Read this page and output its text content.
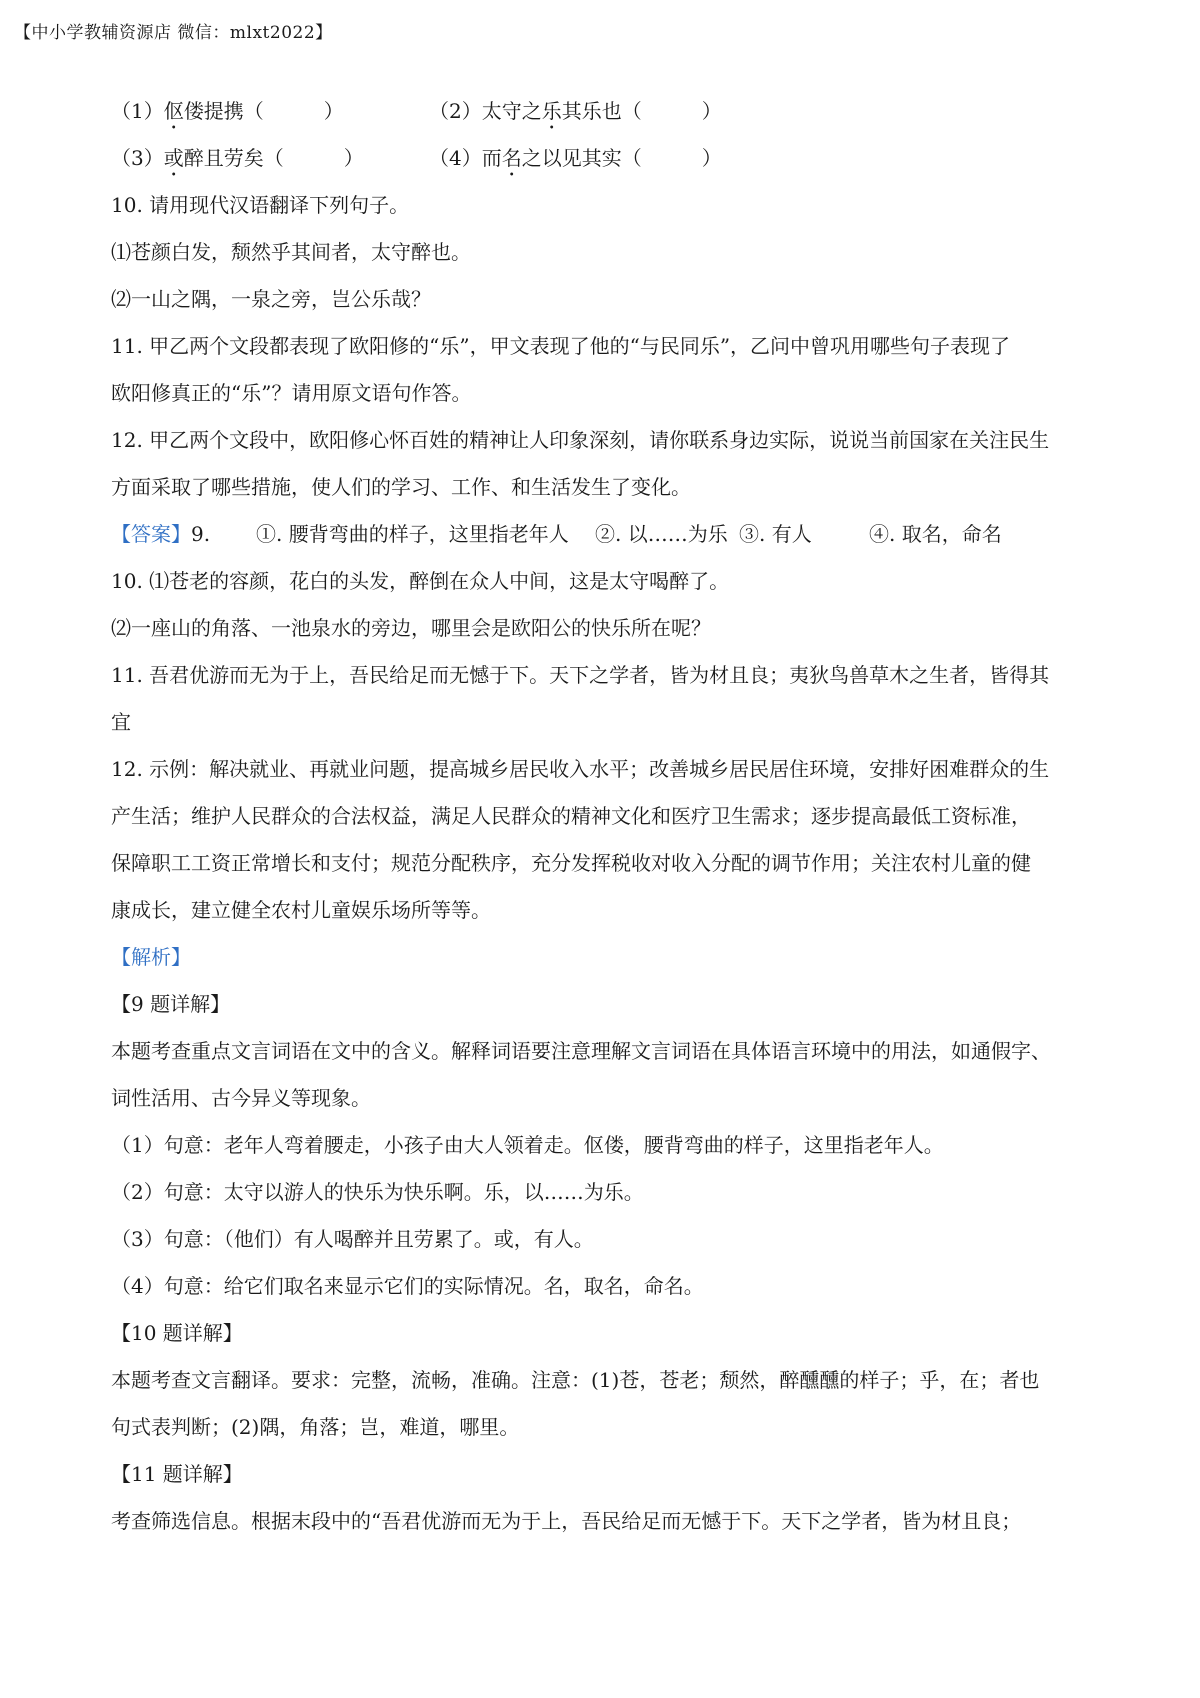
【中小学教辅资源店 微信：mlxt2022】
（1）伛偻提携（　　　）	（2）太守之乐其乐也（　　　）
（3）或醉且劳矣（　　　）	（4）而名之以见其实（　　　）

10. 请用现代汉语翻译下列句子。

⑴苍颜白发，颓然乎其间者，太守醉也。

⑵一山之隅，一泉之旁，岂公乐哉？

11. 甲乙两个文段都表现了欧阳修的“乐”，甲文表现了他的“与民同乐”，乙问中曾巩用哪些句子表现了

欧阳修真正的“乐”？请用原文语句作答。

12. 甲乙两个文段中，欧阳修心怀百姓的精神让人印象深刻，请你联系身边实际，说说当前国家在关注民生

方面采取了哪些措施，使人们的学习、工作、和生活发生了变化。

【答案】9.	①. 腰背弯曲的样子，这里指老年人	②. 以……为乐 ③. 有人	④. 取名，命名

10. ⑴苍老的容颜，花白的头发，醉倒在众人中间，这是太守喝醉了。

⑵一座山的角落、一池泉水的旁边，哪里会是欧阳公的快乐所在呢？

11. 吾君优游而无为于上，吾民给足而无憾于下。天下之学者，皆为材且良；夷狄鸟兽草木之生者，皆得其

宜

12. 示例：解决就业、再就业问题，提高城乡居民收入水平；改善城乡居民居住环境，安排好困难群众的生

产生活；维护人民群众的合法权益，满足人民群众的精神文化和医疗卫生需求；逐步提高最低工资标准，

保障职工工资正常增长和支付；规范分配秩序，充分发挥税收对收入分配的调节作用；关注农村儿童的健

康成长，建立健全农村儿童娱乐场所等等。

【解析】

【9 题详解】

本题考查重点文言词语在文中的含义。解释词语要注意理解文言词语在具体语言环境中的用法，如通假字、

词性活用、古今异义等现象。

（1）句意：老年人弯着腰走，小孩子由大人领着走。伛偻，腰背弯曲的样子，这里指老年人。

（2）句意：太守以游人的快乐为快乐啊。乐，以……为乐。

（3）句意：（他们）有人喝醉并且劳累了。或，有人。

（4）句意：给它们取名来显示它们的实际情况。名，取名，命名。

【10 题详解】

本题考查文言翻译。要求：完整，流畅，准确。注意：(1)苍，苍老；颓然，醉醺醺的样子；乎，在；者也

句式表判断；(2)隅，角落；岂，难道，哪里。

【11 题详解】

考查筛选信息。根据末段中的“吾君优游而无为于上，吾民给足而无憾于下。天下之学者，皆为材且良；
